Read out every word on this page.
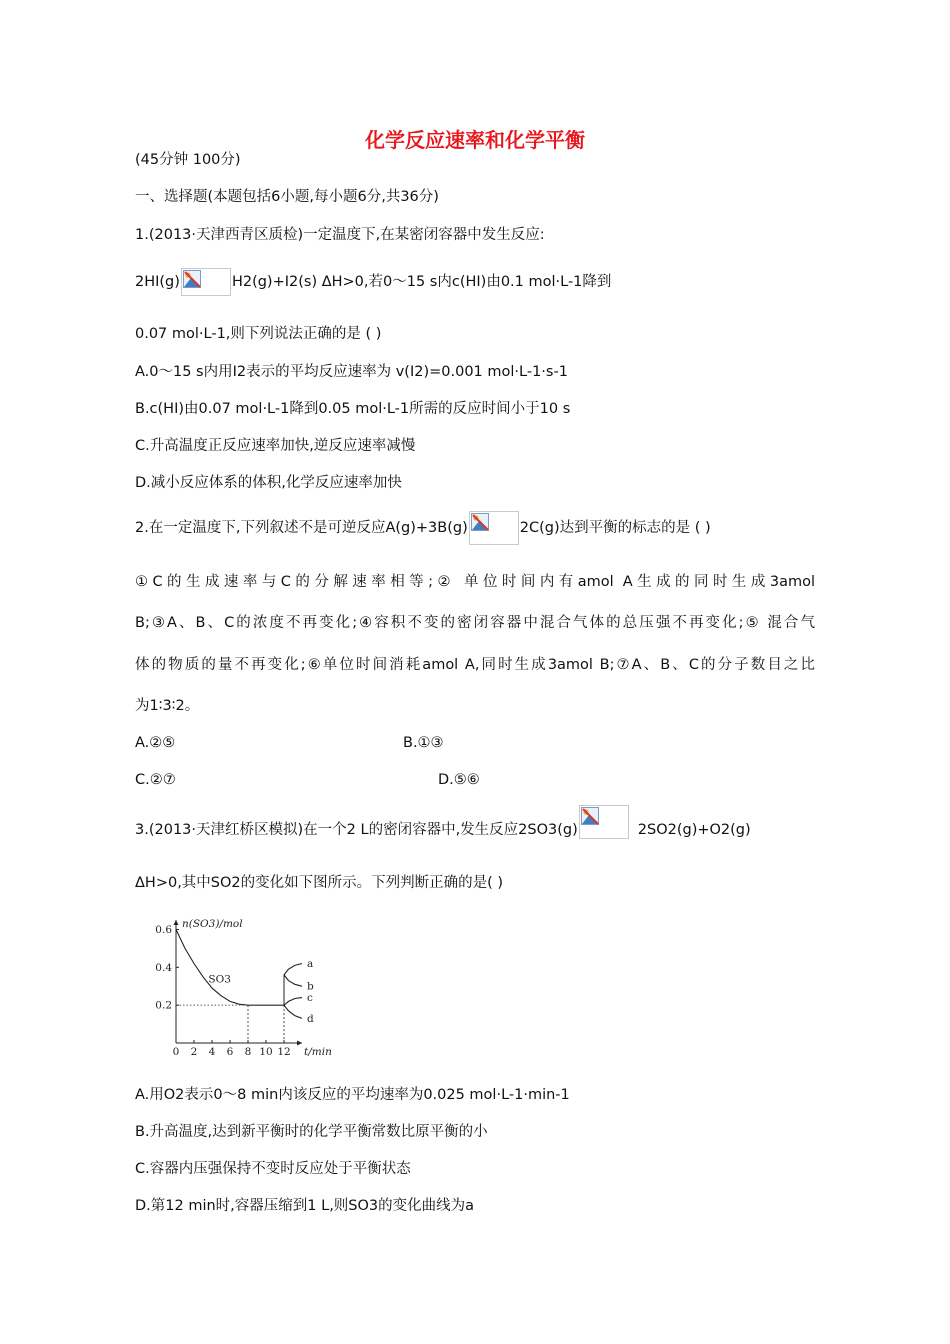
化学反应速率和化学平衡
(45分钟 100分)
一、选择题(本题包括6小题,每小题6分,共36分)
1.(2013·天津西青区质检)一定温度下,在某密闭容器中发生反应:
2HI(g)	H2(g)+I2(s) ΔH>0,若0～15 s内c(HI)由0.1 mol·L-1降到
0.07 mol·L-1,则下列说法正确的是 ( )
A.0～15 s内用I2表示的平均反应速率为 v(I2)=0.001 mol·L-1·s-1
B.c(HI)由0.07 mol·L-1降到0.05 mol·L-1所需的反应时间小于10 s
C.升高温度正反应速率加快,逆反应速率减慢
D.减小反应体系的体积,化学反应速率加快
2.在一定温度下,下列叙述不是可逆反应A(g)+3B(g)	2C(g)达到平衡的标志的是 ( )
①C的生成速率与C的分解速率相等;② 单位时间内有amol A生成的同时生成3amol
B;③A、B、C的浓度不再变化;④容积不变的密闭容器中混合气体的总压强不再变化;⑤ 混合气
体的物质的量不再变化;⑥单位时间消耗amol A,同时生成3amol B;⑦A、B、C的分子数目之比
为1∶3∶2。
A.②⑤	B.①③
C.②⑦	D.⑤⑥
3.(2013·天津红桥区模拟)在一个2 L的密闭容器中,发生反应2SO3(g)	2SO2(g)+O2(g)
ΔH>0,其中SO2的变化如下图所示。下列判断正确的是( )
n(SO3)/mol
t/min
0 2 4 6 8 10 12
0.2
0.4
0.6
SO3
a
b
c
d
A.用O2表示0～8 min内该反应的平均速率为0.025 mol·L-1·min-1
B.升高温度,达到新平衡时的化学平衡常数比原平衡的小
C.容器内压强保持不变时反应处于平衡状态
D.第12 min时,容器压缩到1 L,则SO3的变化曲线为a
